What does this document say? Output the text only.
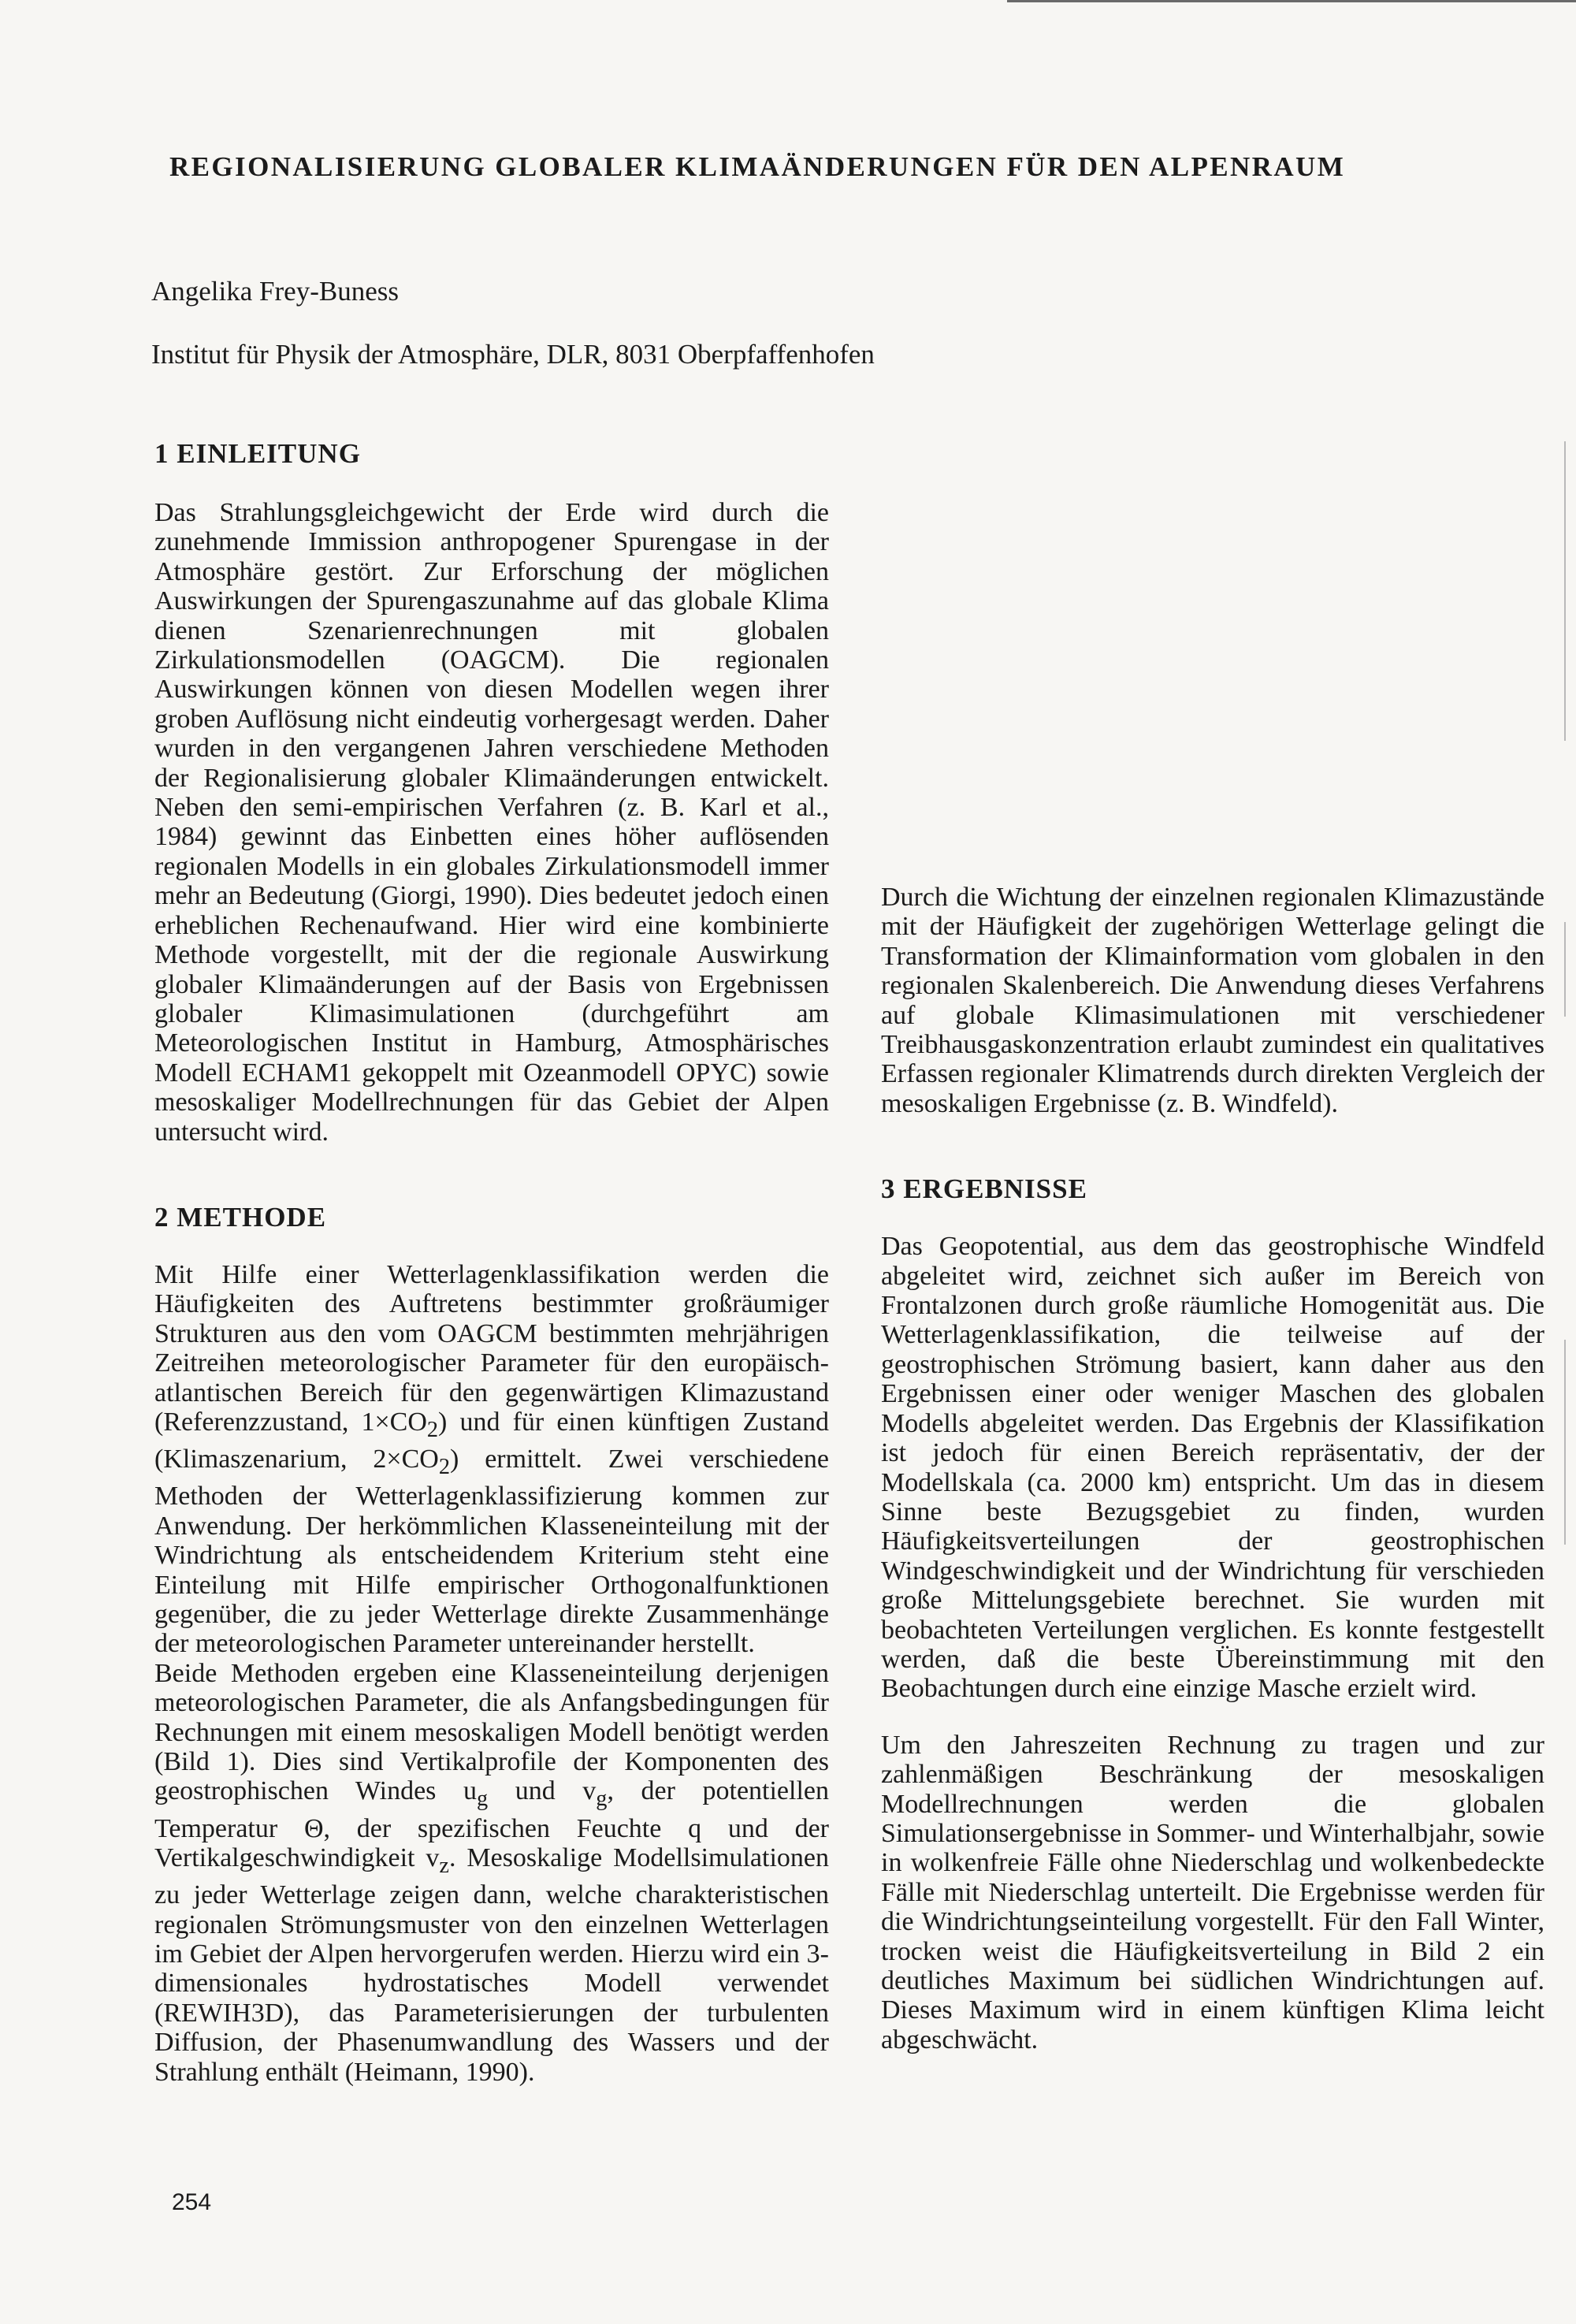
REGIONALISIERUNG GLOBALER KLIMAÄNDERUNGEN FÜR DEN ALPENRAUM
Angelika Frey-Buness
Institut für Physik der Atmosphäre, DLR, 8031 Oberpfaffenhofen
1 EINLEITUNG

Das Strahlungsgleichgewicht der Erde wird durch die zunehmende Immission anthropogener Spurengase in der Atmosphäre gestört. Zur Erforschung der möglichen Auswirkungen der Spurengaszunahme auf das globale Klima dienen Szenarienrechnungen mit globalen Zirkulationsmodellen (OAGCM). Die regionalen Auswirkungen können von diesen Modellen wegen ihrer groben Auflösung nicht eindeutig vorhergesagt werden. Daher wurden in den vergangenen Jahren verschiedene Methoden der Regionalisierung globaler Klimaänderungen entwickelt. Neben den semi-empirischen Verfahren (z. B. Karl et al., 1984) gewinnt das Einbetten eines höher auflösenden regionalen Modells in ein globales Zirkulationsmodell immer mehr an Bedeutung (Giorgi, 1990). Dies bedeutet jedoch einen erheblichen Rechenaufwand. Hier wird eine kombinierte Methode vorgestellt, mit der die regionale Auswirkung globaler Klimaänderungen auf der Basis von Ergebnissen globaler Klimasimulationen (durchgeführt am Meteorologischen Institut in Hamburg, Atmosphärisches Modell ECHAM1 gekoppelt mit Ozeanmodell OPYC) sowie mesoskaliger Modellrechnungen für das Gebiet der Alpen untersucht wird.

2 METHODE

Mit Hilfe einer Wetterlagenklassifikation werden die Häufigkeiten des Auftretens bestimmter großräumiger Strukturen aus den vom OAGCM bestimmten mehrjährigen Zeitreihen meteorologischer Parameter für den europäisch-atlantischen Bereich für den gegenwärtigen Klimazustand (Referenzzustand, $1\times CO_2$) und für einen künftigen Zustand (Klimaszenarium, $2\times CO_2$) ermittelt. Zwei verschiedene Methoden der Wetterlagenklassifizierung kommen zur Anwendung. Der herkömmlichen Klasseneinteilung mit der Windrichtung als entscheidendem Kriterium steht eine Einteilung mit Hilfe empirischer Orthogonalfunktionen gegenüber, die zu jeder Wetterlage direkte Zusammenhänge der meteorologischen Parameter untereinander herstellt.

Beide Methoden ergeben eine Klasseneinteilung derjenigen meteorologischen Parameter, die als Anfangsbedingungen für Rechnungen mit einem mesoskaligen Modell benötigt werden (Bild 1). Dies sind Vertikalprofile der Komponenten des geostrophischen Windes $u_g$ und $v_g$, der potentiellen Temperatur Θ, der spezifischen Feuchte q und der Vertikalgeschwindigkeit $v_z$. Mesoskalige Modellsimulationen zu jeder Wetterlage zeigen dann, welche charakteristischen regionalen Strömungsmuster von den einzelnen Wetterlagen im Gebiet der Alpen hervorgerufen werden. Hierzu wird ein 3-dimensionales hydrostatisches Modell verwendet (REWIH3D), das Parameterisierungen der turbulenten Diffusion, der Phasenumwandlung des Wassers und der Strahlung enthält (Heimann, 1990).

Durch die Wichtung der einzelnen regionalen Klimazustände mit der Häufigkeit der zugehörigen Wetterlage gelingt die Transformation der Klimainformation vom globalen in den regionalen Skalenbereich. Die Anwendung dieses Verfahrens auf globale Klimasimulationen mit verschiedener Treibhausgaskonzentration erlaubt zumindest ein qualitatives Erfassen regionaler Klimatrends durch direkten Vergleich der mesoskaligen Ergebnisse (z. B. Windfeld).

3 ERGEBNISSE

Das Geopotential, aus dem das geostrophische Windfeld abgeleitet wird, zeichnet sich außer im Bereich von Frontalzonen durch große räumliche Homogenität aus. Die Wetterlagenklassifikation, die teilweise auf der geostrophischen Strömung basiert, kann daher aus den Ergebnissen einer oder weniger Maschen des globalen Modells abgeleitet werden. Das Ergebnis der Klassifikation ist jedoch für einen Bereich repräsentativ, der der Modellskala (ca. 2000 km) entspricht. Um das in diesem Sinne beste Bezugsgebiet zu finden, wurden Häufigkeitsverteilungen der geostrophischen Windgeschwindigkeit und der Windrichtung für verschieden große Mittelungsgebiete berechnet. Sie wurden mit beobachteten Verteilungen verglichen. Es konnte festgestellt werden, daß die beste Übereinstimmung mit den Beobachtungen durch eine einzige Masche erzielt wird.

Um den Jahreszeiten Rechnung zu tragen und zur zahlenmäßigen Beschränkung der mesoskaligen Modellrechnungen werden die globalen Simulationsergebnisse in Sommer- und Winterhalbjahr, sowie in wolkenfreie Fälle ohne Niederschlag und wolkenbedeckte Fälle mit Niederschlag unterteilt. Die Ergebnisse werden für die Windrichtungseinteilung vorgestellt. Für den Fall Winter, trocken weist die Häufigkeitsverteilung in Bild 2 ein deutliches Maximum bei südlichen Windrichtungen auf. Dieses Maximum wird in einem künftigen Klima leicht abgeschwächt.

254
